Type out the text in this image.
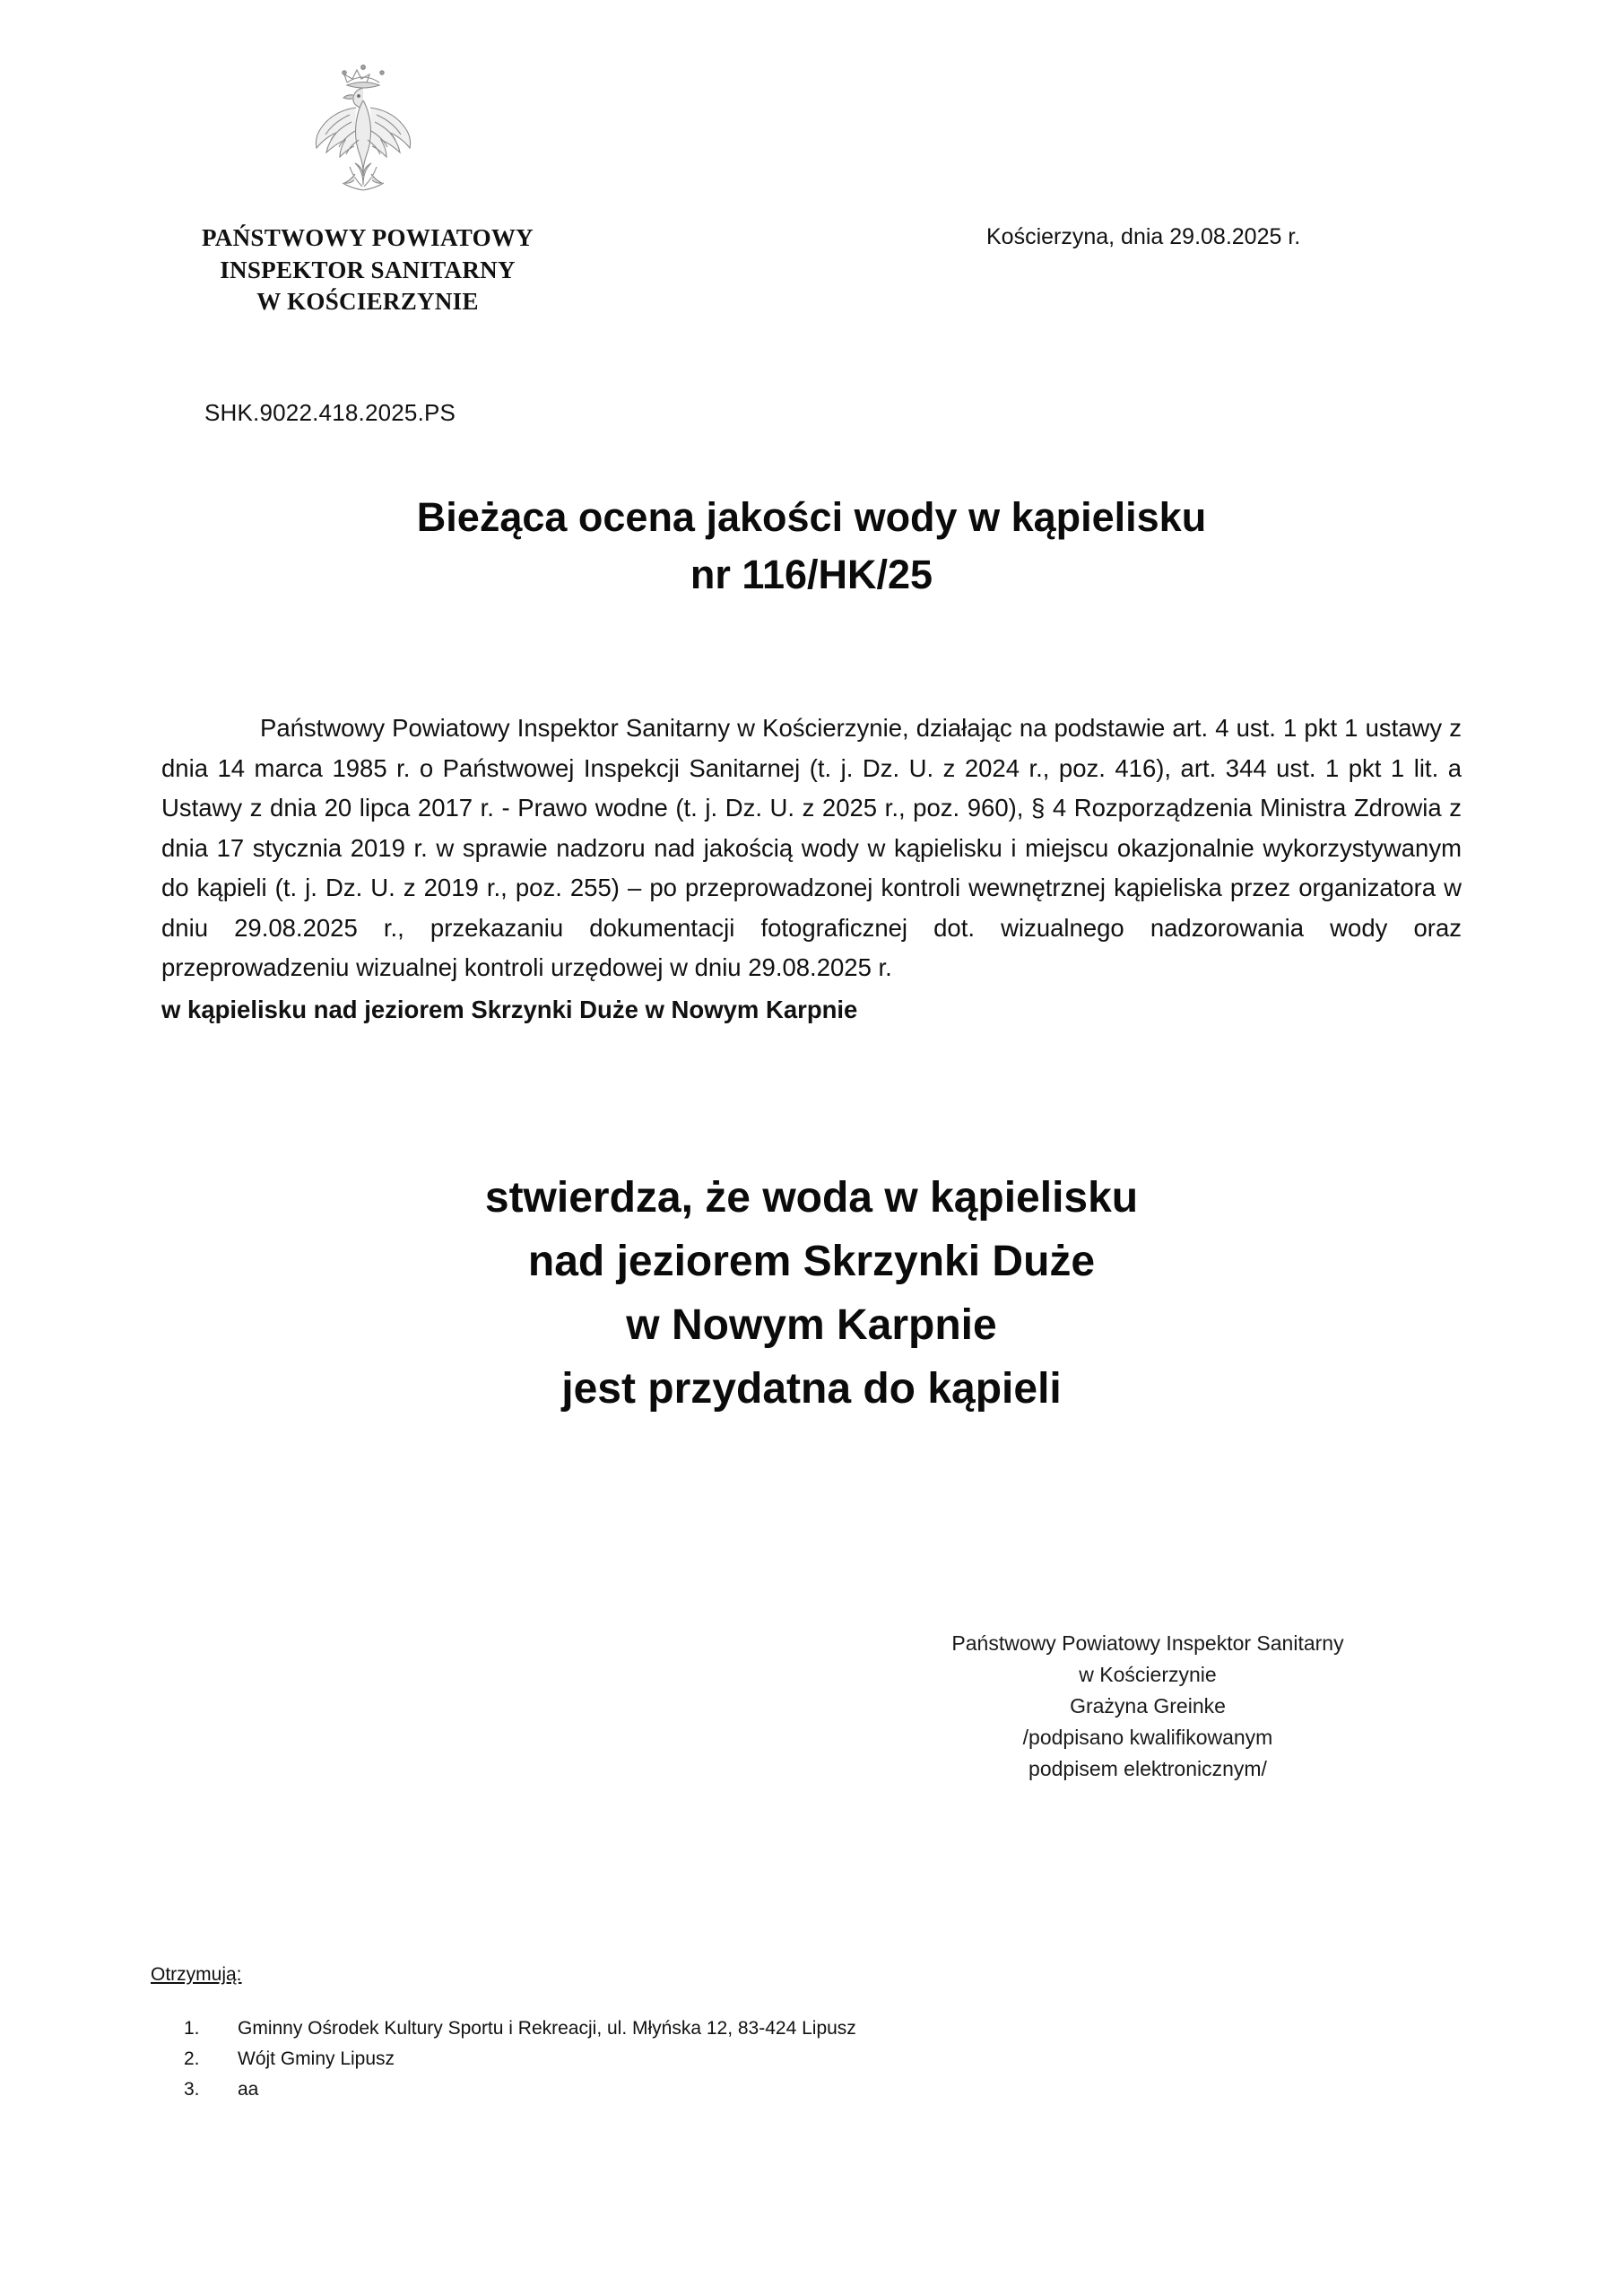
PAŃSTWOWY POWIATOWY
INSPEKTOR SANITARNY
W KOŚCIERZYNIE
Kościerzyna, dnia 29.08.2025 r.
SHK.9022.418.2025.PS
Bieżąca ocena jakości wody w kąpielisku
nr 116/HK/25
Państwowy Powiatowy Inspektor Sanitarny w Kościerzynie, działając na podstawie art. 4 ust. 1 pkt 1 ustawy z dnia 14 marca 1985 r. o Państwowej Inspekcji Sanitarnej (t. j. Dz. U. z 2024 r., poz. 416), art. 344 ust. 1 pkt 1 lit. a Ustawy z dnia 20 lipca 2017 r. - Prawo wodne (t. j. Dz. U. z 2025 r., poz. 960), § 4 Rozporządzenia Ministra Zdrowia z dnia 17 stycznia 2019 r. w sprawie nadzoru nad jakością wody w kąpielisku i miejscu okazjonalnie wykorzystywanym do kąpieli (t. j. Dz. U. z 2019 r., poz. 255) – po przeprowadzonej kontroli wewnętrznej kąpieliska przez organizatora w dniu 29.08.2025 r., przekazaniu dokumentacji fotograficznej dot. wizualnego nadzorowania wody oraz przeprowadzeniu wizualnej kontroli urzędowej w dniu 29.08.2025 r.
w kąpielisku nad jeziorem Skrzynki Duże w Nowym Karpnie
stwierdza, że woda w kąpielisku
nad jeziorem Skrzynki Duże
w Nowym Karpnie
jest przydatna do kąpieli
Państwowy Powiatowy Inspektor Sanitarny
w Kościerzynie
Grażyna Greinke
/podpisano kwalifikowanym
podpisem elektronicznym/
Otrzymują:
1.	Gminny Ośrodek Kultury Sportu i Rekreacji, ul. Młyńska 12, 83-424 Lipusz
2.	Wójt Gminy Lipusz
3.	aa
